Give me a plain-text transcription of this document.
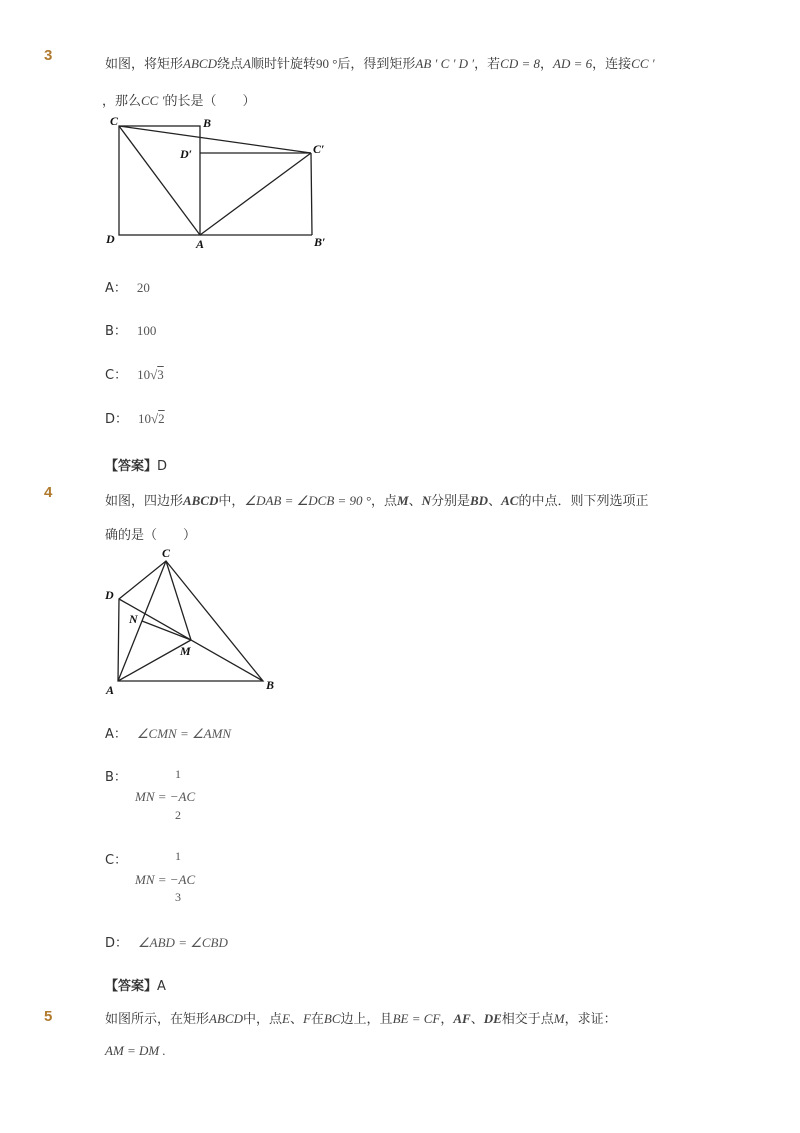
3
如图，将矩形ABCD绕点A顺时针旋转90 °后，得到矩形AB ′ C ′ D ′，若CD = 8，AD = 6，连接CC ′
，那么CC ′的长是（　　）
C	B
D′	C′
D	A	B′
A： 20
B： 100
C： 10√3
D： 10√2
【答案】D
4
如图，四边形ABCD中，∠DAB = ∠DCB = 90 °，点M、N分别是BD、AC的中点．则下列选项正
确的是（　　）
C
D
N
M
A	B
A： ∠CMN = ∠AMN
B：	1
MN = −AC
2
C：	1
MN = −AC
3
D： ∠ABD = ∠CBD
【答案】A
5	如图所示，在矩形ABCD中，点E、F在BC边上，且BE = CF，AF、DE相交于点M，求证：
AM = DM .
